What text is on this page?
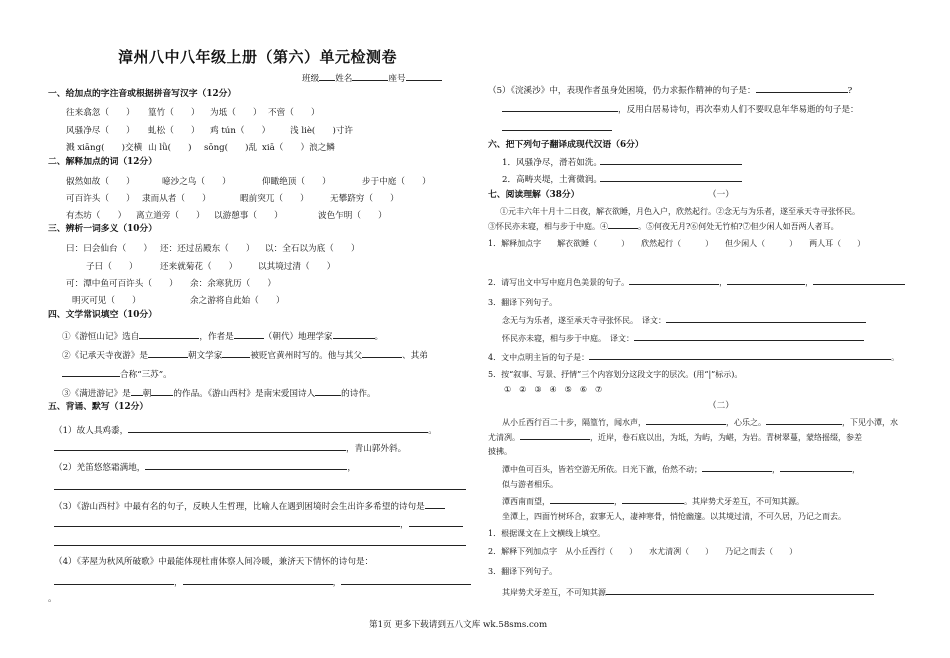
漳州八中八年级上册（第六）单元检测卷
班级 姓名	座号
一、给加点的字注音或根据拼音写汉字（12分）
往来翕忽（　　） 篁竹（　　） 为坻（　　） 不啻（　　）
风骚净尽（　　） 虬松（　　） 鸡 tún（　　） 浅 liè(　　)寸许
溅 xiāng(　　)交横 山 lǜ(　　) sōng(　　)乱 xiā（　　）浪之鳞
二、解释加点的词（12分）
俶然如故（　　）	噫沙之鸟（　　）	仰瞰绝顶（　　）	步于中庭（　　）
可百许头（　　） 隶而从者（　　）	暇前突兀（　　） 无攀跻穷（　　）
有杰坊（　　） 离立道旁（　　） 以游憩事（　　）	波色乍明（　　）
三、辨析一词多义（10分）
曰：曰会仙台（　　） 还：还过岳殿东（　　） 以：全石以为底（　　）
子曰（　　）	还来就菊花（　　） 以其境过清（　　）
可：潭中鱼可百许头（　　） 余：余寒犹历（　　）
明灭可见（　　）	余之游将自此始（　　）
四、文学常识填空（10分）
①《游恒山记》选自	，作者是	（朝代）地理学家	。
②《记承天寺夜游》是	朝文学家	被贬官黄州时写的。他与其父	、其弟
合称“三苏”。
③《满进游记》是 朝	的作品。《游山西村》是南宋爱国诗人	的诗作。
五、背诵、默写（12分）
（1）故人具鸡黍，	。
，青山郭外斜。
（2）羌笛悠悠霜满地，	，
（3）《游山西村》中最有名的句子，反映人生哲理，比喻人在遇到困境时会生出许多希望的诗句是
，
（4）《茅屋为秋风所破歌》中最能体现杜甫体察人间冷暖，兼济天下情怀的诗句是：
，	，
。
（5）《浣溪沙》中，表现作者虽身处困境，仍力求振作精神的句子是：	?
，反用白居易诗句，再次奉劝人们不要叹息年华易逝的句子是：
六、把下列句子翻译成现代汉语（6分）
1．风骚净尽，滑若如洗。
2．高畴夹堤，土膏微润。
七、阅读理解（38分）	（一）
①元丰六年十月十二日夜，解衣欲睡，月色入户，欣然起行。②念无与为乐者，遂至承天寺寻张怀民。
③怀民亦未寝，相与步于中庭。④	。⑤何夜无月?⑥何处无竹柏?⑦但少闲人如吾两人者耳。
1．解释加点字　　解衣欲睡（　　　）　　欣然起行（　　　）　　但少闲人（　　　）　　两人耳（　　）
2．请写出文中写中庭月色美景的句子。	，	，
3．翻译下列句子。
念无与为乐者，遂至承天寺寻张怀民。　译文：
怀民亦未寝，相与步于中庭。　译文：
4．文中点明主旨的句子是：	。
5．按“叙事、写景、抒情”三个内容划分这段文字的层次。(用“|”标示)。
①　②　③　④　⑤　⑥　⑦
（二）
从小丘西行百二十步，隔篁竹，闻水声，	，心乐之。	，下见小潭，水
尤清冽。	，近岸，卷石底以出，为坻，为屿，为嵁，为岩。青树翠蔓，蒙络摇缀，参差
披拂。
潭中鱼可百头，皆若空游无所依。日光下澈，佁然不动；	，	，
似与游者相乐。
潭西南而望，	，	。其岸势犬牙差互，不可知其源。
坐潭上，四面竹树环合，寂寥无人，凄神寒骨，悄怆幽邃。以其境过清，不可久居，乃记之而去。
1．根据课文在上文横线上填空。
2．解释下列加点字　从小丘西行（　　）　　水尤清冽（　　）　　乃记之而去（　　）
3．翻译下列句子。
其岸势犬牙差互，不可知其源
第1页 更多下载请到五八文库 wk.58sms.com
